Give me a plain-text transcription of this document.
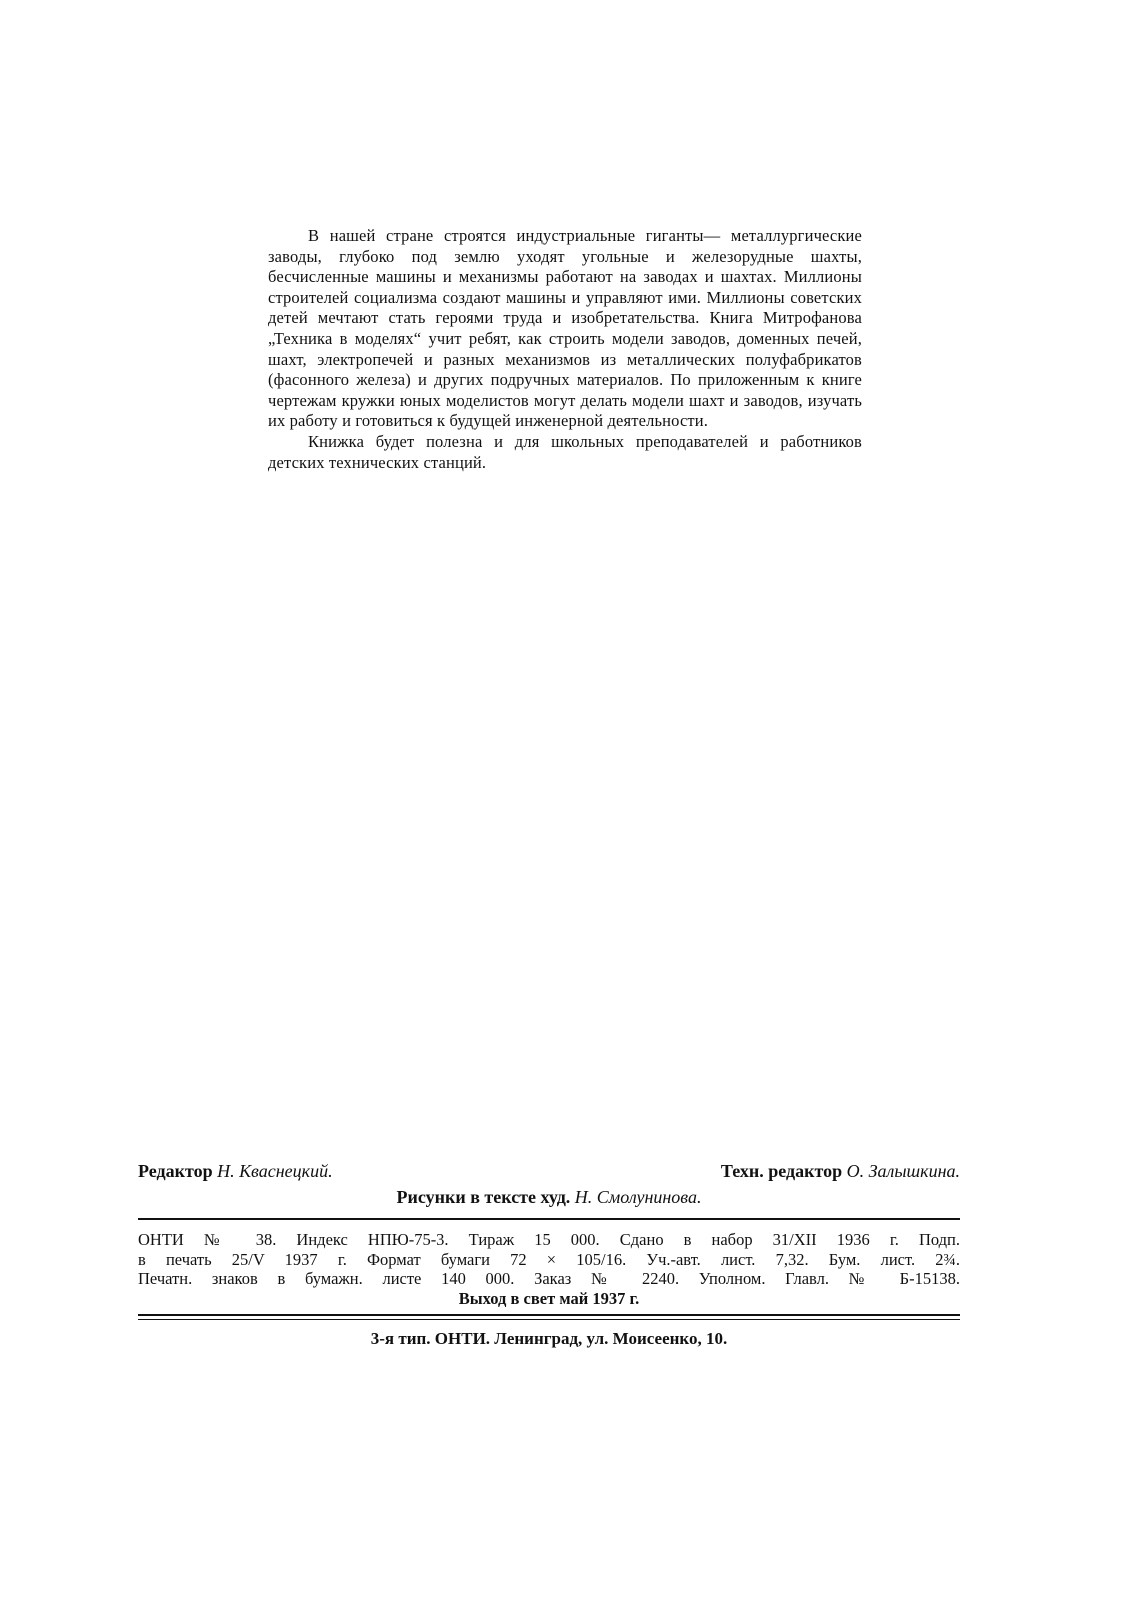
В нашей стране строятся индустриальные гиганты— металлургические заводы, глубоко под землю уходят угольные и железорудные шахты, бесчисленные машины и механизмы работают на заводах и шахтах. Миллионы строителей социализма создают машины и управляют ими. Миллионы советских детей мечтают стать героями труда и изобретательства. Книга Митрофанова „Техника в моделях“ учит ребят, как строить модели заводов, доменных печей, шахт, электропечей и разных механизмов из металлических полуфабрикатов (фасонного железа) и других подручных материалов. По приложенным к книге чертежам кружки юных моделистов могут делать модели шахт и заводов, изучать их работу и готовиться к будущей инженерной деятельности.

Книжка будет полезна и для школьных преподавателей и работников детских технических станций.

Редактор Н. Кваснецкий.	Техн. редактор О. Залышкина.
Рисунки в тексте худ. Н. Смолунинова.
ОНТИ № 38. Индекс НПЮ-75-3. Тираж 15 000. Сдано в набор 31/XII 1936 г. Подп.
в печать 25/V 1937 г. Формат бумаги 72 × 105/16. Уч.-авт. лист. 7,32. Бум. лист. 2¾.
Печатн. знаков в бумажн. листе 140 000. Заказ № 2240. Уполном. Главл. № Б-15138.
Выход в свет май 1937 г.
3-я тип. ОНТИ. Ленинград, ул. Моисеенко, 10.
